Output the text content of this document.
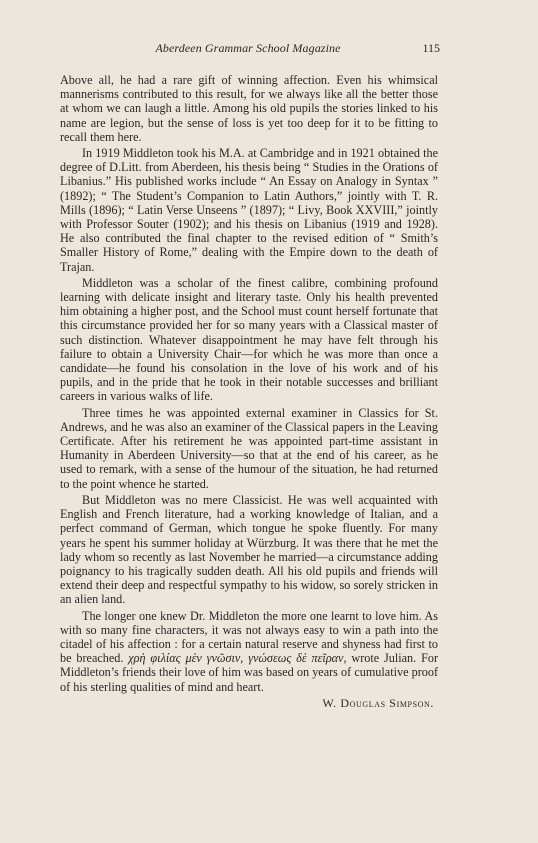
Aberdeen Grammar School Magazine	115

Above all, he had a rare gift of winning affection. Even his whimsical mannerisms contributed to this result, for we always like all the better those at whom we can laugh a little. Among his old pupils the stories linked to his name are legion, but the sense of loss is yet too deep for it to be fitting to recall them here.

In 1919 Middleton took his M.A. at Cambridge and in 1921 obtained the degree of D.Litt. from Aberdeen, his thesis being “ Studies in the Orations of Libanius.” His published works include “ An Essay on Analogy in Syntax ” (1892); “ The Student’s Companion to Latin Authors,” jointly with T. R. Mills (1896); “ Latin Verse Unseens ” (1897); “ Livy, Book XXVIII,” jointly with Professor Souter (1902); and his thesis on Libanius (1919 and 1928). He also contributed the final chapter to the revised edition of “ Smith’s Smaller History of Rome,” dealing with the Empire down to the death of Trajan.

Middleton was a scholar of the finest calibre, combining profound learning with delicate insight and literary taste. Only his health prevented him obtaining a higher post, and the School must count herself fortunate that this circumstance provided her for so many years with a Classical master of such distinction. Whatever disappointment he may have felt through his failure to obtain a University Chair—for which he was more than once a candidate—he found his consolation in the love of his work and of his pupils, and in the pride that he took in their notable successes and brilliant careers in various walks of life.

Three times he was appointed external examiner in Classics for St. Andrews, and he was also an examiner of the Classical papers in the Leaving Certificate. After his retirement he was appointed part-time assistant in Humanity in Aberdeen University—so that at the end of his career, as he used to remark, with a sense of the humour of the situation, he had returned to the point whence he started.

But Middleton was no mere Classicist. He was well acquainted with English and French literature, had a working knowledge of Italian, and a perfect command of German, which tongue he spoke fluently. For many years he spent his summer holiday at Würzburg. It was there that he met the lady whom so recently as last November he married—a circumstance adding poignancy to his tragically sudden death. All his old pupils and friends will extend their deep and respectful sympathy to his widow, so sorely stricken in an alien land.

The longer one knew Dr. Middleton the more one learnt to love him. As with so many fine characters, it was not always easy to win a path into the citadel of his affection : for a certain natural reserve and shyness had first to be breached. χρὴ φιλίας μὲν γνῶσιν, γνώσεως δὲ πεῖραν, wrote Julian. For Middleton’s friends their love of him was based on years of cumulative proof of his sterling qualities of mind and heart.

W. Douglas Simpson.
